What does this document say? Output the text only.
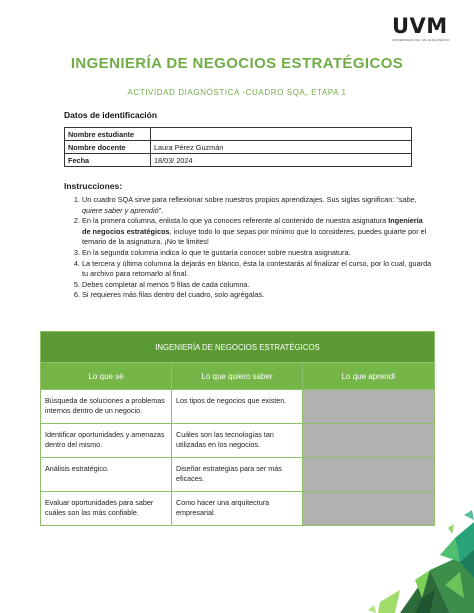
UVM
UNIVERSIDAD DEL VALLE DE MÉXICO
INGENIERÍA DE NEGOCIOS ESTRATÉGICOS
ACTIVIDAD DIAGNÓSTICA -CUADRO SQA, ETAPA 1
Datos de identificación
Nombre estudiante	
Nombre docente	Laura Pérez Guzmán
Fecha	18/03/ 2024
Instrucciones:
1. Un cuadro SQA sirve para reflexionar sobre nuestros propios aprendizajes. Sus siglas significan: “sabe, quiere saber y aprendió”.
2. En la primera columna, enlista lo que ya conoces referente al contenido de nuestra asignatura Ingeniería de negocios estratégicos, incluye todo lo que sepas por mínimo que lo consideres, puedes guiarte por el temario de la asignatura. ¡No te limites!
3. En la segunda columna indica lo que te gustaría conocer sobre nuestra asignatura.
4. La tercera y última columna la dejarás en blanco, ésta la contestarás al finalizar el curso, por lo cual, guarda tu archivo para retomarlo al final.
5. Debes completar al menos 5 filas de cada columna.
6. Si requieres más filas dentro del cuadro, solo agrégalas.
INGENIERÍA DE NEGOCIOS ESTRATÉGICOS		
Lo que sé	Lo que quiero saber	Lo que aprendí
Búsqueda de soluciones a problemas internos dentro de un negocio.	Los tipos de negocios que existen.	
Identificar oportunidades y amenazas dentro del mismo.	Cuáles son las tecnologías tan utilizadas en los negocios.	
Análisis estratégico.	Diseñar estrategias para ser más eficaces.	
Evaluar oportunidades para saber cuáles son las más confiable.	Como hacer una arquitectura empresarial.	
